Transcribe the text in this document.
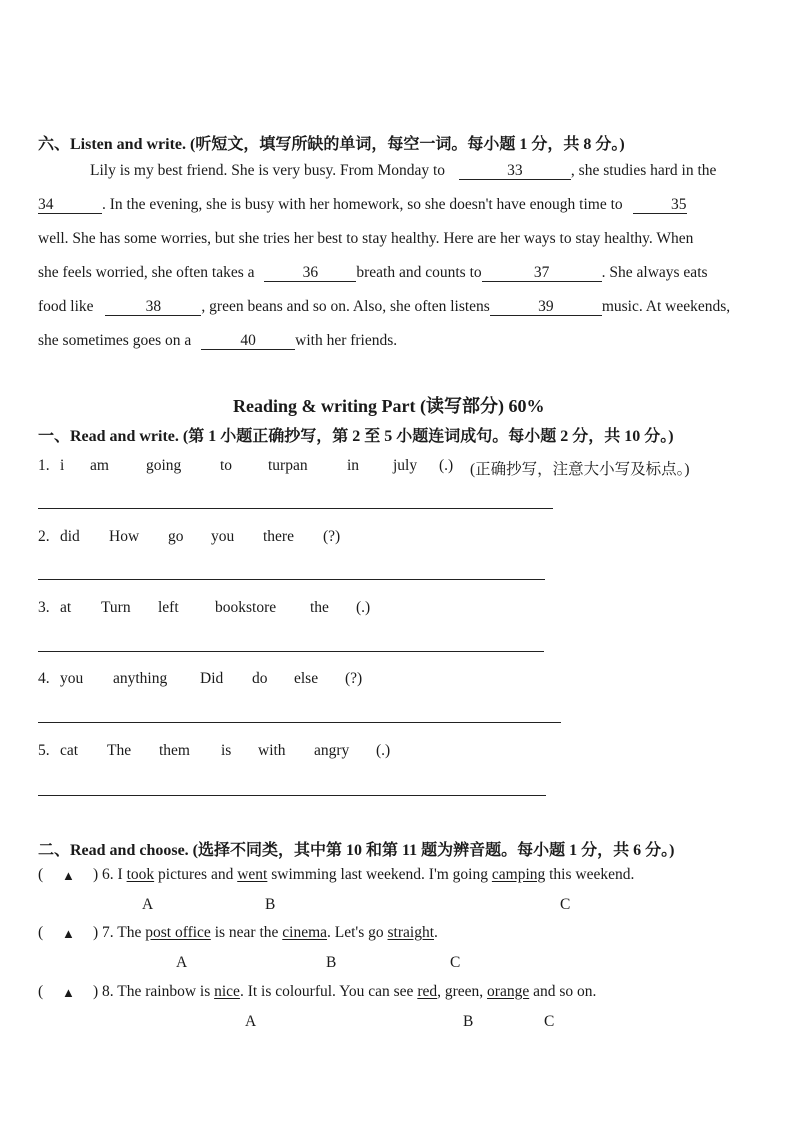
六、Listen and write. (听短文，填写所缺的单词，每空一词。每小题 1 分，共 8 分。)
Lily is my best friend. She is very busy. From Monday to	33	, she studies hard in the
34	. In the evening, she is busy with her homework, so she doesn't have enough time to	35
well. She has some worries, but she tries her best to stay healthy. Here are her ways to stay healthy. When
she feels worried, she often takes a	36 breath and counts to	37	. She always eats
food like	38	, green beans and so on. Also, she often listens	39	music. At weekends,
she sometimes goes on a	40	with her friends.
Reading & writing Part (读写部分) 60%
一、Read and write. (第 1 小题正确抄写，第 2 至 5 小题连词成句。每小题 2 分，共 10 分。)
1. i am going to turpan	in july (.) (正确抄写，注意大小写及标点。)
2. did How go you there (?)
3. at Turn left bookstore the (.)
4. you anything Did do else (?)
5. cat The them is with angry (.)
二、Read and choose. (选择不同类，其中第 10 和第 11 题为辨音题。每小题 1 分，共 6 分。)
( ▲ ) 6. I took pictures and went swimming last weekend. I'm going camping this weekend.
A	B	C
( ▲ ) 7. The post office is near the cinema. Let's go straight.
A	B	C
( ▲ ) 8. The rainbow is nice. It is colourful. You can see red, green, orange and so on.
A	B	C
